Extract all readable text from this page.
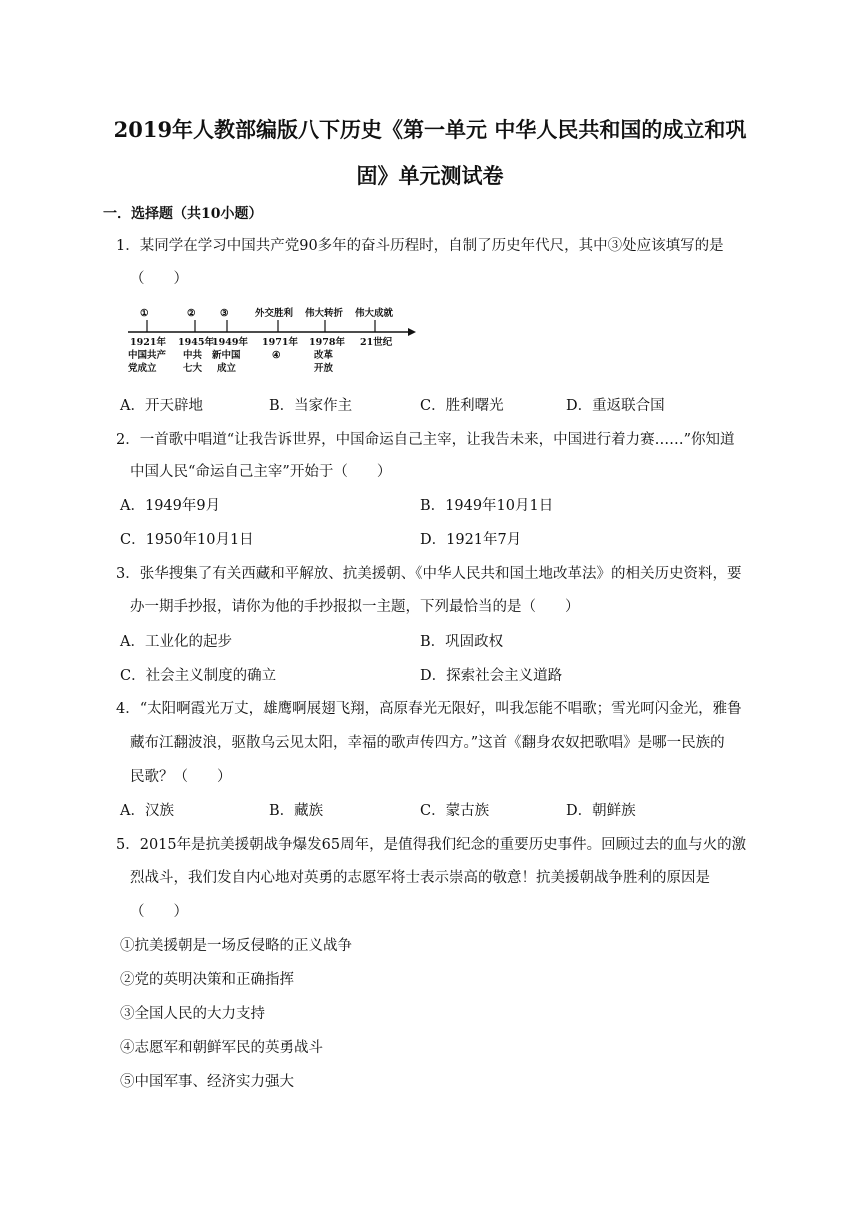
2019年人教部编版八下历史《第一单元 中华人民共和国的成立和巩
固》单元测试卷
一．选择题（共10小题）
1．某同学在学习中国共产党90多年的奋斗历程时，自制了历史年代尺，其中③处应该填写的是
（　　）
①	②	③	外交胜利 伟大转折 伟大成就
1921年 1945年
1949年 1971年 1978年 21世纪
中国共产 中共 新中国	④	改革
党成立	七大 成立	开放
A．开天辟地	B．当家作主	C．胜利曙光	D．重返联合国
2．一首歌中唱道“让我告诉世界，中国命运自己主宰，让我告未来，中国进行着力赛……”你知道
中国人民“命运自己主宰”开始于（　　）
A．1949年9月	B．1949年10月1日
C．1950年10月1日	D．1921年7月
3．张华搜集了有关西藏和平解放、抗美援朝、《中华人民共和国土地改革法》的相关历史资料，要
办一期手抄报，请你为他的手抄报拟一主题，下列最恰当的是（　　）
A．工业化的起步	B．巩固政权
C．社会主义制度的确立	D．探索社会主义道路
4．“太阳啊霞光万丈，雄鹰啊展翅飞翔，高原春光无限好，叫我怎能不唱歌；雪光呵闪金光，雅鲁
藏布江翻波浪，驱散乌云见太阳，幸福的歌声传四方。”这首《翻身农奴把歌唱》是哪一民族的
民歌？（　　）
A．汉族	B．藏族	C．蒙古族	D．朝鲜族
5．2015年是抗美援朝战争爆发65周年，是值得我们纪念的重要历史事件。回顾过去的血与火的激
烈战斗，我们发自内心地对英勇的志愿军将士表示崇高的敬意！抗美援朝战争胜利的原因是
（　　）
①抗美援朝是一场反侵略的正义战争
②党的英明决策和正确指挥
③全国人民的大力支持
④志愿军和朝鲜军民的英勇战斗
⑤中国军事、经济实力强大
